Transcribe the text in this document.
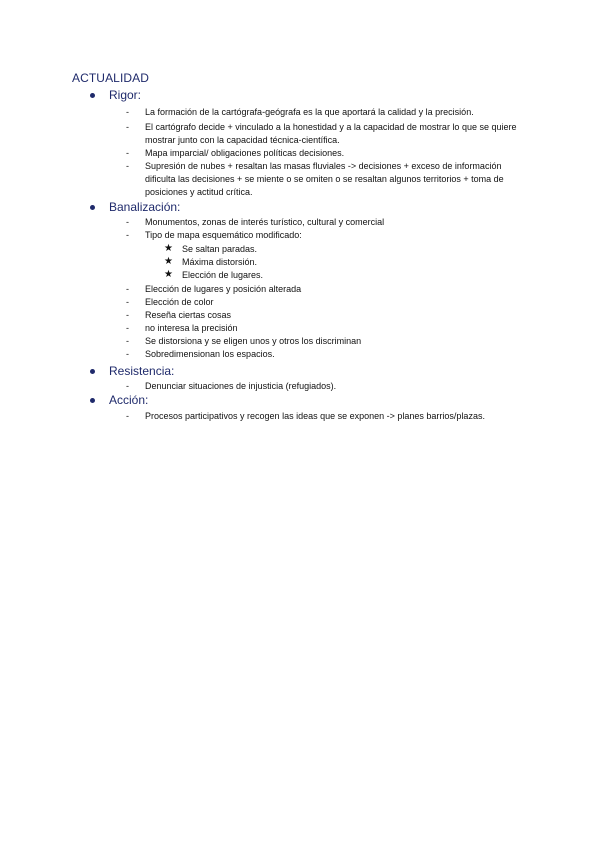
ACTUALIDAD
Rigor:
-	La formación de la cartógrafa-geógrafa es la que aportará la calidad y la precisión.
-	El cartógrafo decide + vinculado a la honestidad y a la capacidad de mostrar lo que se quiere mostrar junto con la capacidad técnica-científica.
-	Mapa imparcial/ obligaciones políticas decisiones.
-	Supresión de nubes + resaltan las masas fluviales -> decisiones + exceso de información dificulta las decisiones + se miente o se omiten o se resaltan algunos territorios + toma de posiciones y actitud crítica.
Banalización:
-	Monumentos, zonas de interés turístico, cultural y comercial
-	Tipo de mapa esquemático modificado:
★ Se saltan paradas.
★ Máxima distorsión.
★ Elección de lugares.
-	Elección de lugares y posición alterada
-	Elección de color
-	Reseña ciertas cosas
-	no interesa la precisión
-	Se distorsiona y se eligen unos y otros los discriminan
-	Sobredimensionan los espacios.
Resistencia:
-	Denunciar situaciones de injusticia (refugiados).
Acción:
-	Procesos participativos y recogen las ideas que se exponen -> planes barrios/plazas.
